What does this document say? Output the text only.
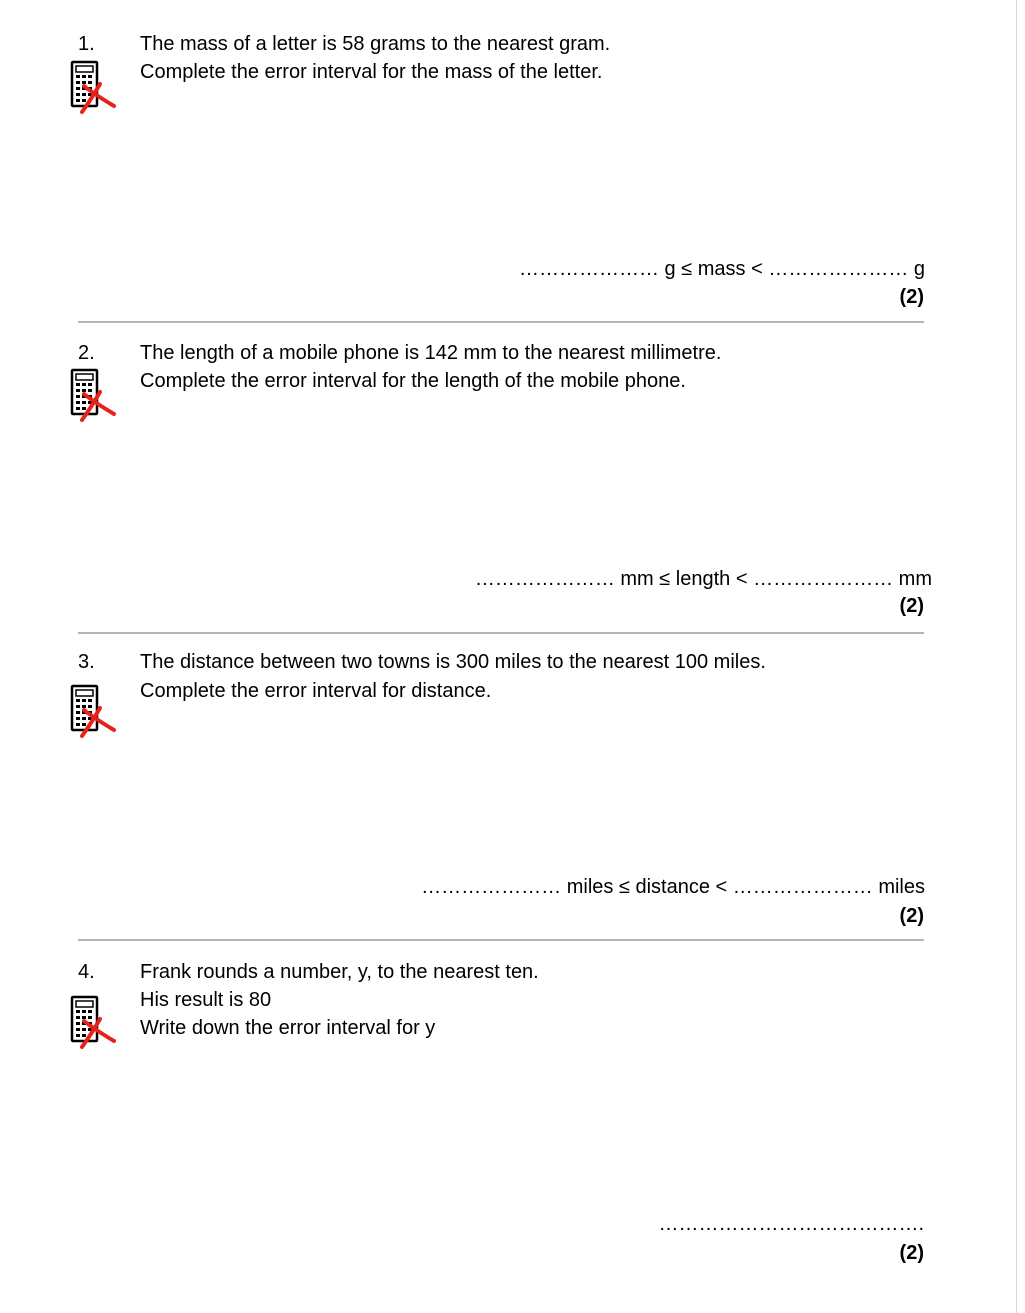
1. The mass of a letter is 58 grams to the nearest gram.
Complete the error interval for the mass of the letter.
………………… g ≤ mass < ………………… g
(2)
2. The length of a mobile phone is 142 mm to the nearest millimetre.
Complete the error interval for the length of the mobile phone.
………………… mm ≤ length < ………………… mm
(2)
3. The distance between two towns is 300 miles to the nearest 100 miles.
Complete the error interval for distance.
………………… miles ≤ distance < ………………… miles
(2)
4. Frank rounds a number, y, to the nearest ten.
His result is 80
Write down the error interval for y
………………………………….
(2)
